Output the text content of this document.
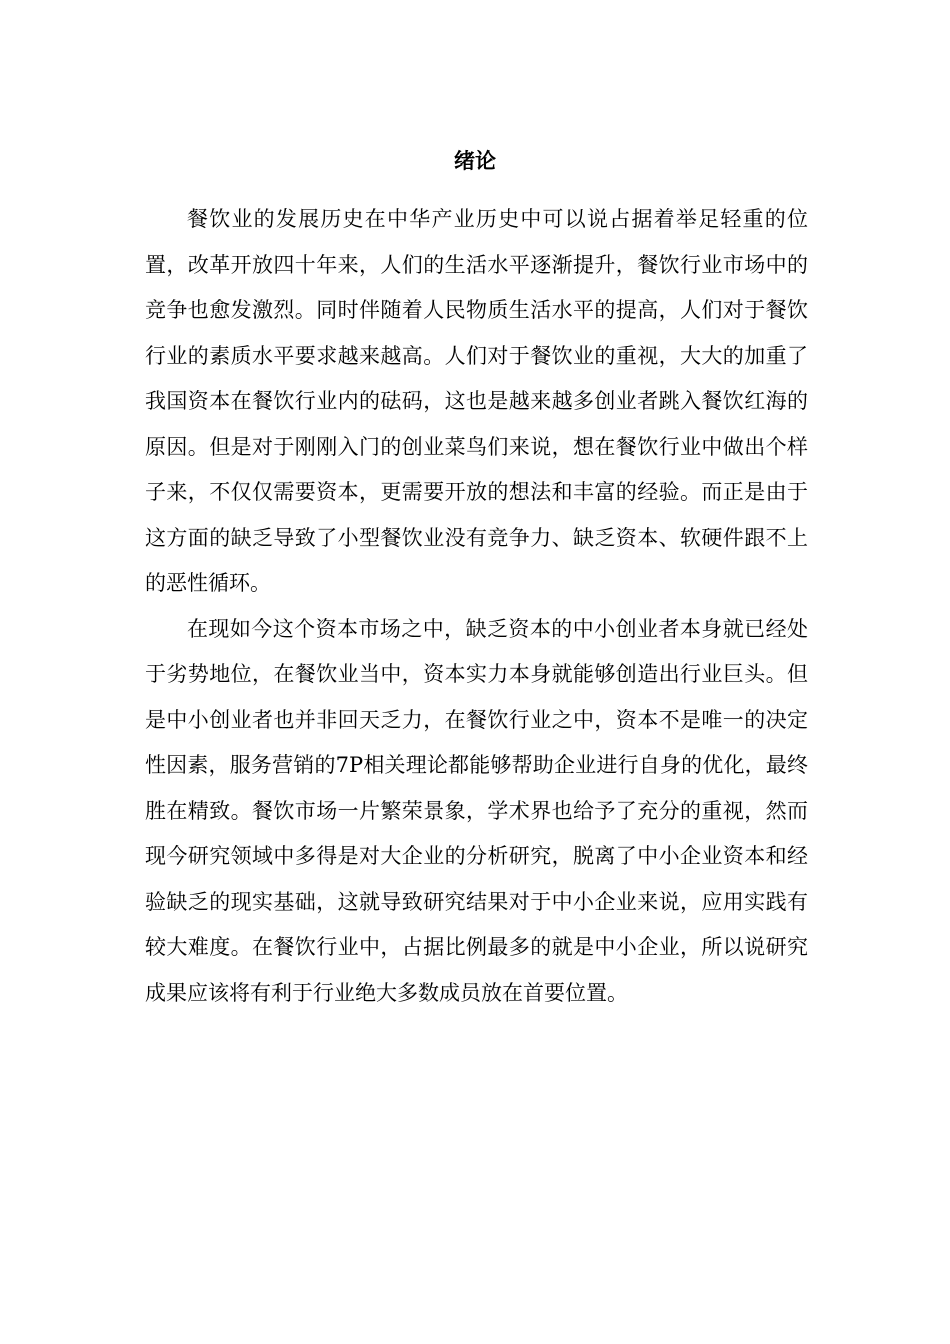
绪论

餐饮业的发展历史在中华产业历史中可以说占据着举足轻重的位置，改革开放四十年来，人们的生活水平逐渐提升，餐饮行业市场中的竞争也愈发激烈。同时伴随着人民物质生活水平的提高，人们对于餐饮行业的素质水平要求越来越高。人们对于餐饮业的重视，大大的加重了我国资本在餐饮行业内的砝码，这也是越来越多创业者跳入餐饮红海的原因。但是对于刚刚入门的创业菜鸟们来说，想在餐饮行业中做出个样子来，不仅仅需要资本，更需要开放的想法和丰富的经验。而正是由于这方面的缺乏导致了小型餐饮业没有竞争力、缺乏资本、软硬件跟不上的恶性循环。

在现如今这个资本市场之中，缺乏资本的中小创业者本身就已经处于劣势地位，在餐饮业当中，资本实力本身就能够创造出行业巨头。但是中小创业者也并非回天乏力，在餐饮行业之中，资本不是唯一的决定性因素，服务营销的7P相关理论都能够帮助企业进行自身的优化，最终胜在精致。餐饮市场一片繁荣景象，学术界也给予了充分的重视，然而现今研究领域中多得是对大企业的分析研究，脱离了中小企业资本和经验缺乏的现实基础，这就导致研究结果对于中小企业来说，应用实践有较大难度。在餐饮行业中，占据比例最多的就是中小企业，所以说研究成果应该将有利于行业绝大多数成员放在首要位置。
